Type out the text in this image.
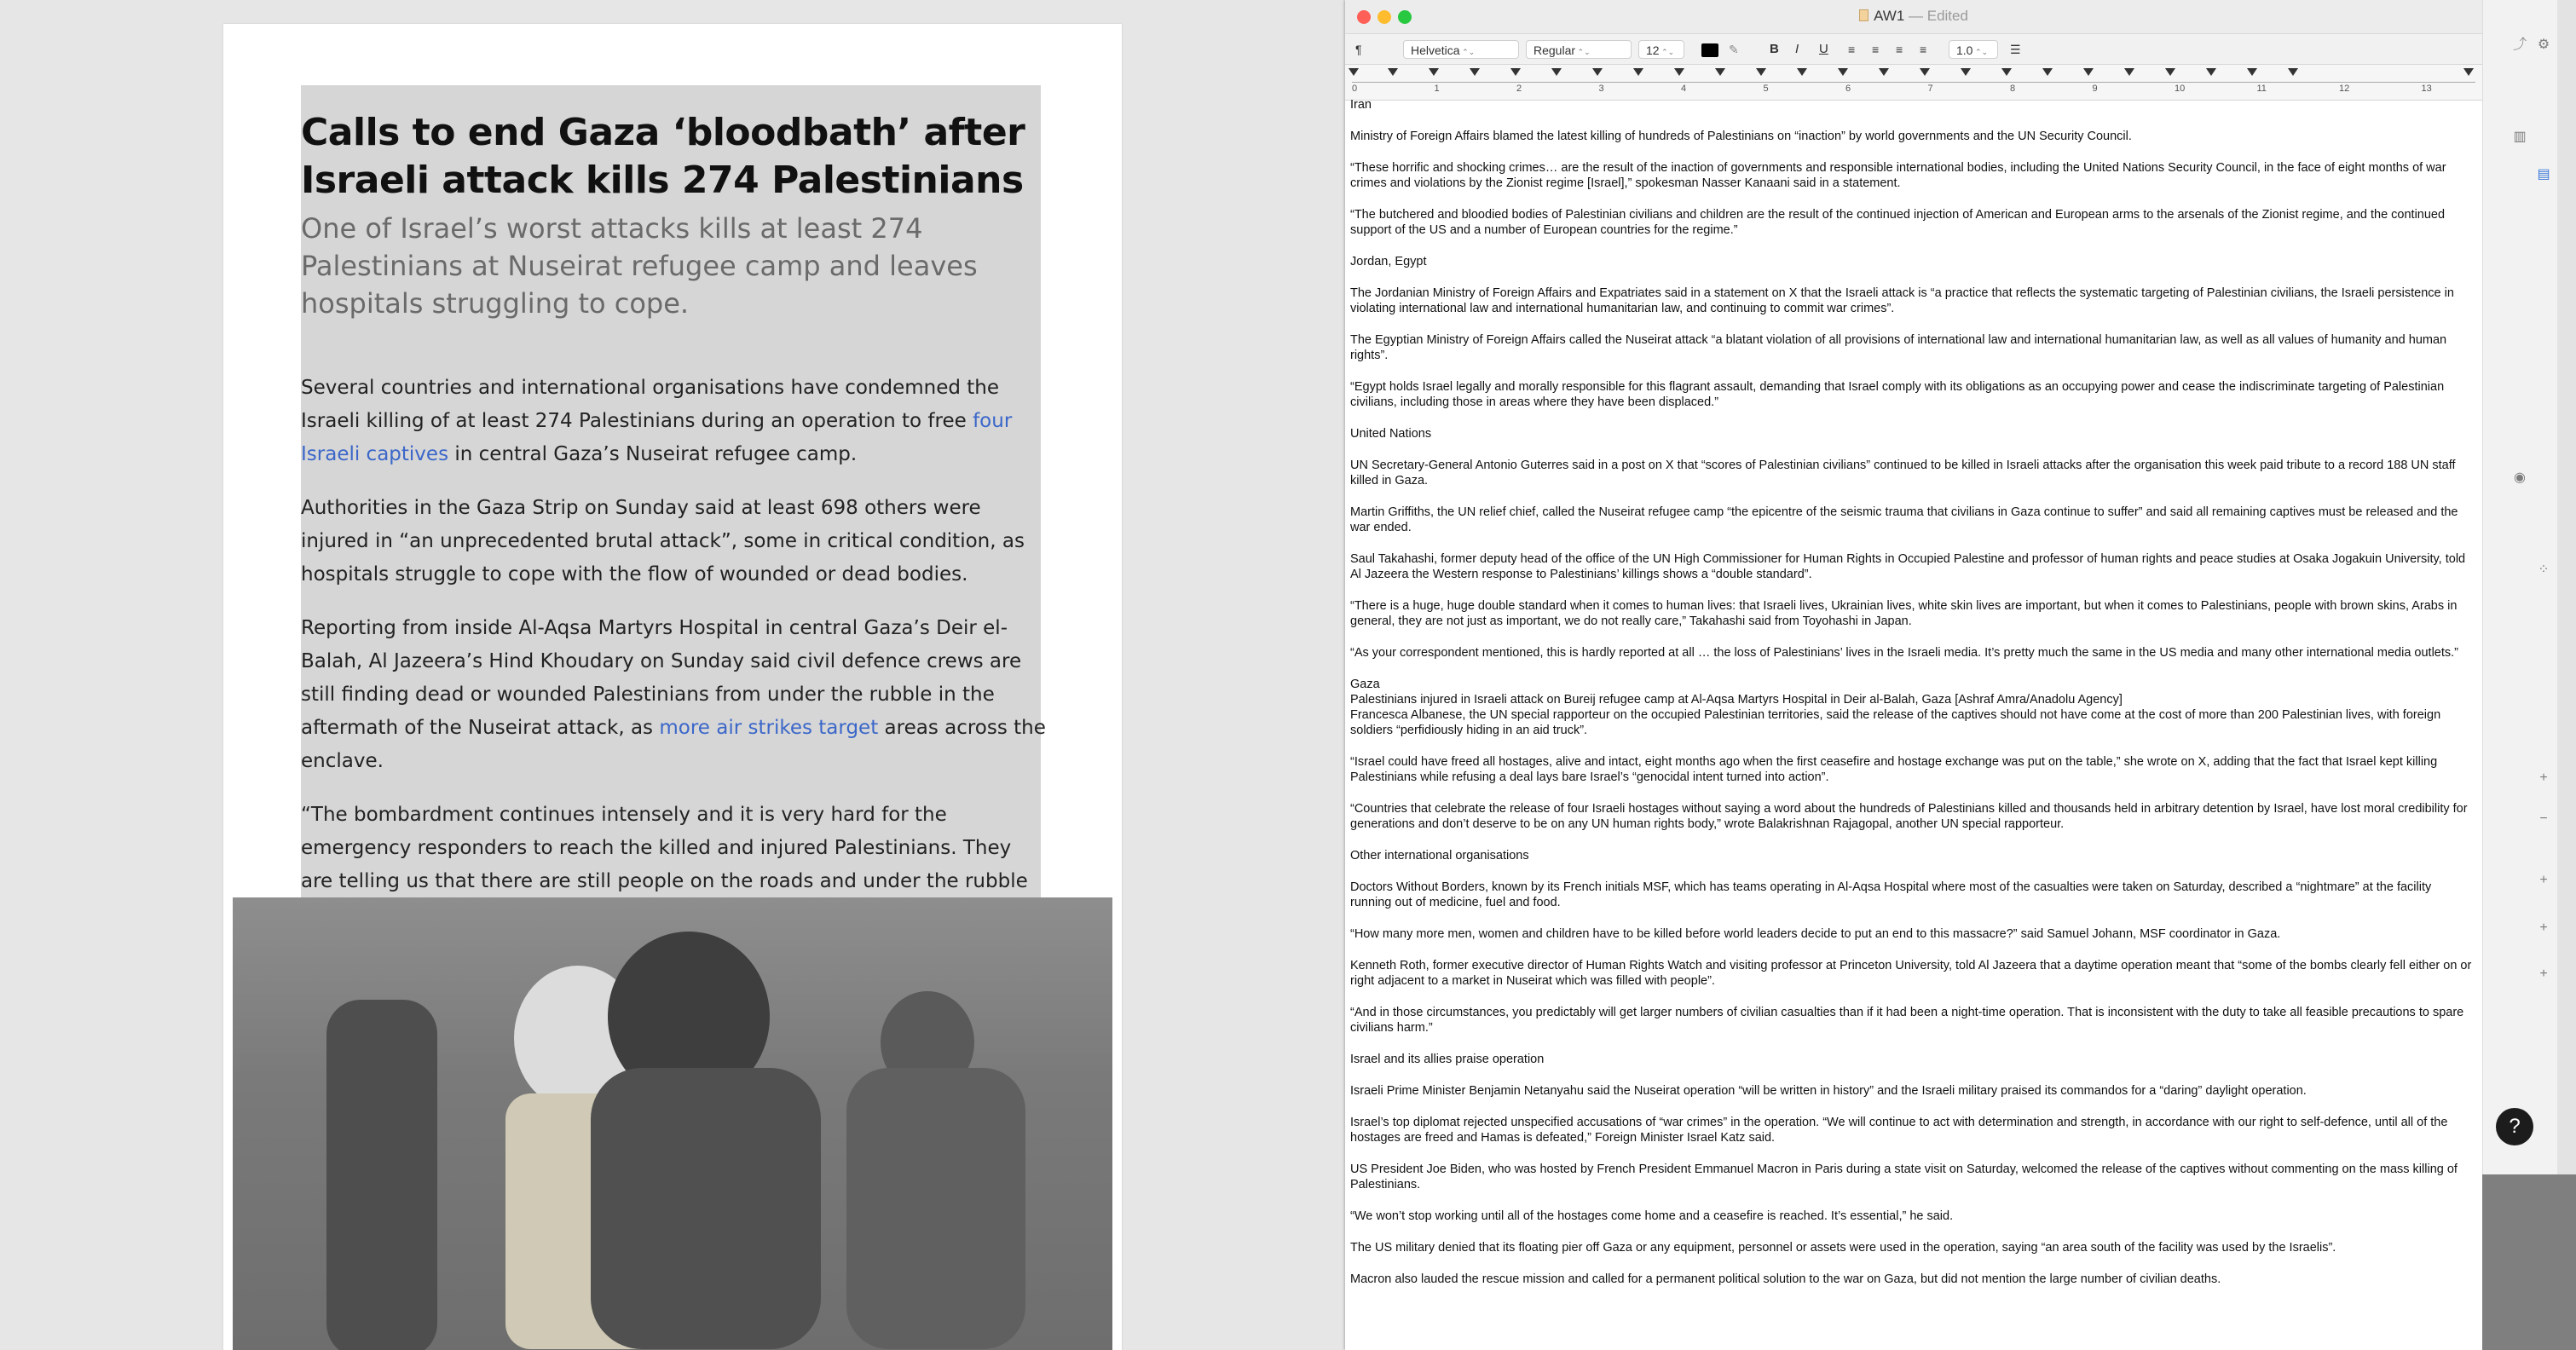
Calls to end Gaza ‘bloodbath’ after Israeli attack kills 274 Palestinians

One of Israel’s worst attacks kills at least 274 Palestinians at Nuseirat refugee camp and leaves hospitals struggling to cope.

Several countries and international organisations have condemned the Israeli killing of at least 274 Palestinians during an operation to free four Israeli captives in central Gaza’s Nuseirat refugee camp.

Authorities in the Gaza Strip on Sunday said at least 698 others were injured in “an unprecedented brutal attack”, some in critical condition, as hospitals struggle to cope with the flow of wounded or dead bodies.

Reporting from inside Al-Aqsa Martyrs Hospital in central Gaza’s Deir el-Balah, Al Jazeera’s Hind Khoudary on Sunday said civil defence crews are still finding dead or wounded Palestinians from under the rubble in the aftermath of the Nuseirat attack, as more air strikes target areas across the enclave.

“The bombardment continues intensely and it is very hard for the emergency responders to reach the killed and injured Palestinians. They are telling us that there are still people on the roads and under the rubble

AW1 — Edited
¶	Helvetica ⌃⌄	Regular ⌃⌄	12 ⌃⌄	✎ B I U ≡ ≡ ≡ ≡	1.0 ⌃⌄	☰
0	1	2	3	4	5	6	7	8	9	10	11	12	13

Iran

Ministry of Foreign Affairs blamed the latest killing of hundreds of Palestinians on “inaction” by world governments and the UN Security Council.

“These horrific and shocking crimes… are the result of the inaction of governments and responsible international bodies, including the United Nations Security Council, in the face of eight months of war crimes and violations by the Zionist regime [Israel],” spokesman Nasser Kanaani said in a statement.

“The butchered and bloodied bodies of Palestinian civilians and children are the result of the continued injection of American and European arms to the arsenals of the Zionist regime, and the continued support of the US and a number of European countries for the regime.”

Jordan, Egypt

The Jordanian Ministry of Foreign Affairs and Expatriates said in a statement on X that the Israeli attack is “a practice that reflects the systematic targeting of Palestinian civilians, the Israeli persistence in violating international law and international humanitarian law, and continuing to commit war crimes”.

The Egyptian Ministry of Foreign Affairs called the Nuseirat attack “a blatant violation of all provisions of international law and international humanitarian law, as well as all values of humanity and human rights”.

“Egypt holds Israel legally and morally responsible for this flagrant assault, demanding that Israel comply with its obligations as an occupying power and cease the indiscriminate targeting of Palestinian civilians, including those in areas where they have been displaced.”

United Nations

UN Secretary-General Antonio Guterres said in a post on X that “scores of Palestinian civilians” continued to be killed in Israeli attacks after the organisation this week paid tribute to a record 188 UN staff killed in Gaza.

Martin Griffiths, the UN relief chief, called the Nuseirat refugee camp “the epicentre of the seismic trauma that civilians in Gaza continue to suffer” and said all remaining captives must be released and the war ended.

Saul Takahashi, former deputy head of the office of the UN High Commissioner for Human Rights in Occupied Palestine and professor of human rights and peace studies at Osaka Jogakuin University, told Al Jazeera the Western response to Palestinians’ killings shows a “double standard”.

“There is a huge, huge double standard when it comes to human lives: that Israeli lives, Ukrainian lives, white skin lives are important, but when it comes to Palestinians, people with brown skins, Arabs in general, they are not just as important, we do not really care,” Takahashi said from Toyohashi in Japan.

“As your correspondent mentioned, this is hardly reported at all … the loss of Palestinians’ lives in the Israeli media. It’s pretty much the same in the US media and many other international media outlets.”

Gaza

Palestinians injured in Israeli attack on Bureij refugee camp at Al-Aqsa Martyrs Hospital in Deir al-Balah, Gaza [Ashraf Amra/Anadolu Agency]

Francesca Albanese, the UN special rapporteur on the occupied Palestinian territories, said the release of the captives should not have come at the cost of more than 200 Palestinian lives, with foreign soldiers “perfidiously hiding in an aid truck”.

“Israel could have freed all hostages, alive and intact, eight months ago when the first ceasefire and hostage exchange was put on the table,” she wrote on X, adding that the fact that Israel kept killing Palestinians while refusing a deal lays bare Israel’s “genocidal intent turned into action”.

“Countries that celebrate the release of four Israeli hostages without saying a word about the hundreds of Palestinians killed and thousands held in arbitrary detention by Israel, have lost moral credibility for generations and don’t deserve to be on any UN human rights body,” wrote Balakrishnan Rajagopal, another UN special rapporteur.

Other international organisations

Doctors Without Borders, known by its French initials MSF, which has teams operating in Al-Aqsa Hospital where most of the casualties were taken on Saturday, described a “nightmare” at the facility running out of medicine, fuel and food.

“How many more men, women and children have to be killed before world leaders decide to put an end to this massacre?” said Samuel Johann, MSF coordinator in Gaza.

Kenneth Roth, former executive director of Human Rights Watch and visiting professor at Princeton University, told Al Jazeera that a daytime operation meant that “some of the bombs clearly fell either on or right adjacent to a market in Nuseirat which was filled with people”.

“And in those circumstances, you predictably will get larger numbers of civilian casualties than if it had been a night-time operation. That is inconsistent with the duty to take all feasible precautions to spare civilians harm.”

Israel and its allies praise operation

Israeli Prime Minister Benjamin Netanyahu said the Nuseirat operation “will be written in history” and the Israeli military praised its commandos for a “daring” daylight operation.

Israel’s top diplomat rejected unspecified accusations of “war crimes” in the operation. “We will continue to act with determination and strength, in accordance with our right to self-defence, until all of the hostages are freed and Hamas is defeated,” Foreign Minister Israel Katz said.

US President Joe Biden, who was hosted by French President Emmanuel Macron in Paris during a state visit on Saturday, welcomed the release of the captives without commenting on the mass killing of Palestinians.

“We won’t stop working until all of the hostages come home and a ceasefire is reached. It’s essential,” he said.

The US military denied that its floating pier off Gaza or any equipment, personnel or assets were used in the operation, saying “an area south of the facility was used by the Israelis”.

Macron also lauded the rescue mission and called for a permanent political solution to the war on Gaza, but did not mention the large number of civilian deaths.

⤴ ⚙
▥
▤
◉
⁘
+
−
+
+
+
?
